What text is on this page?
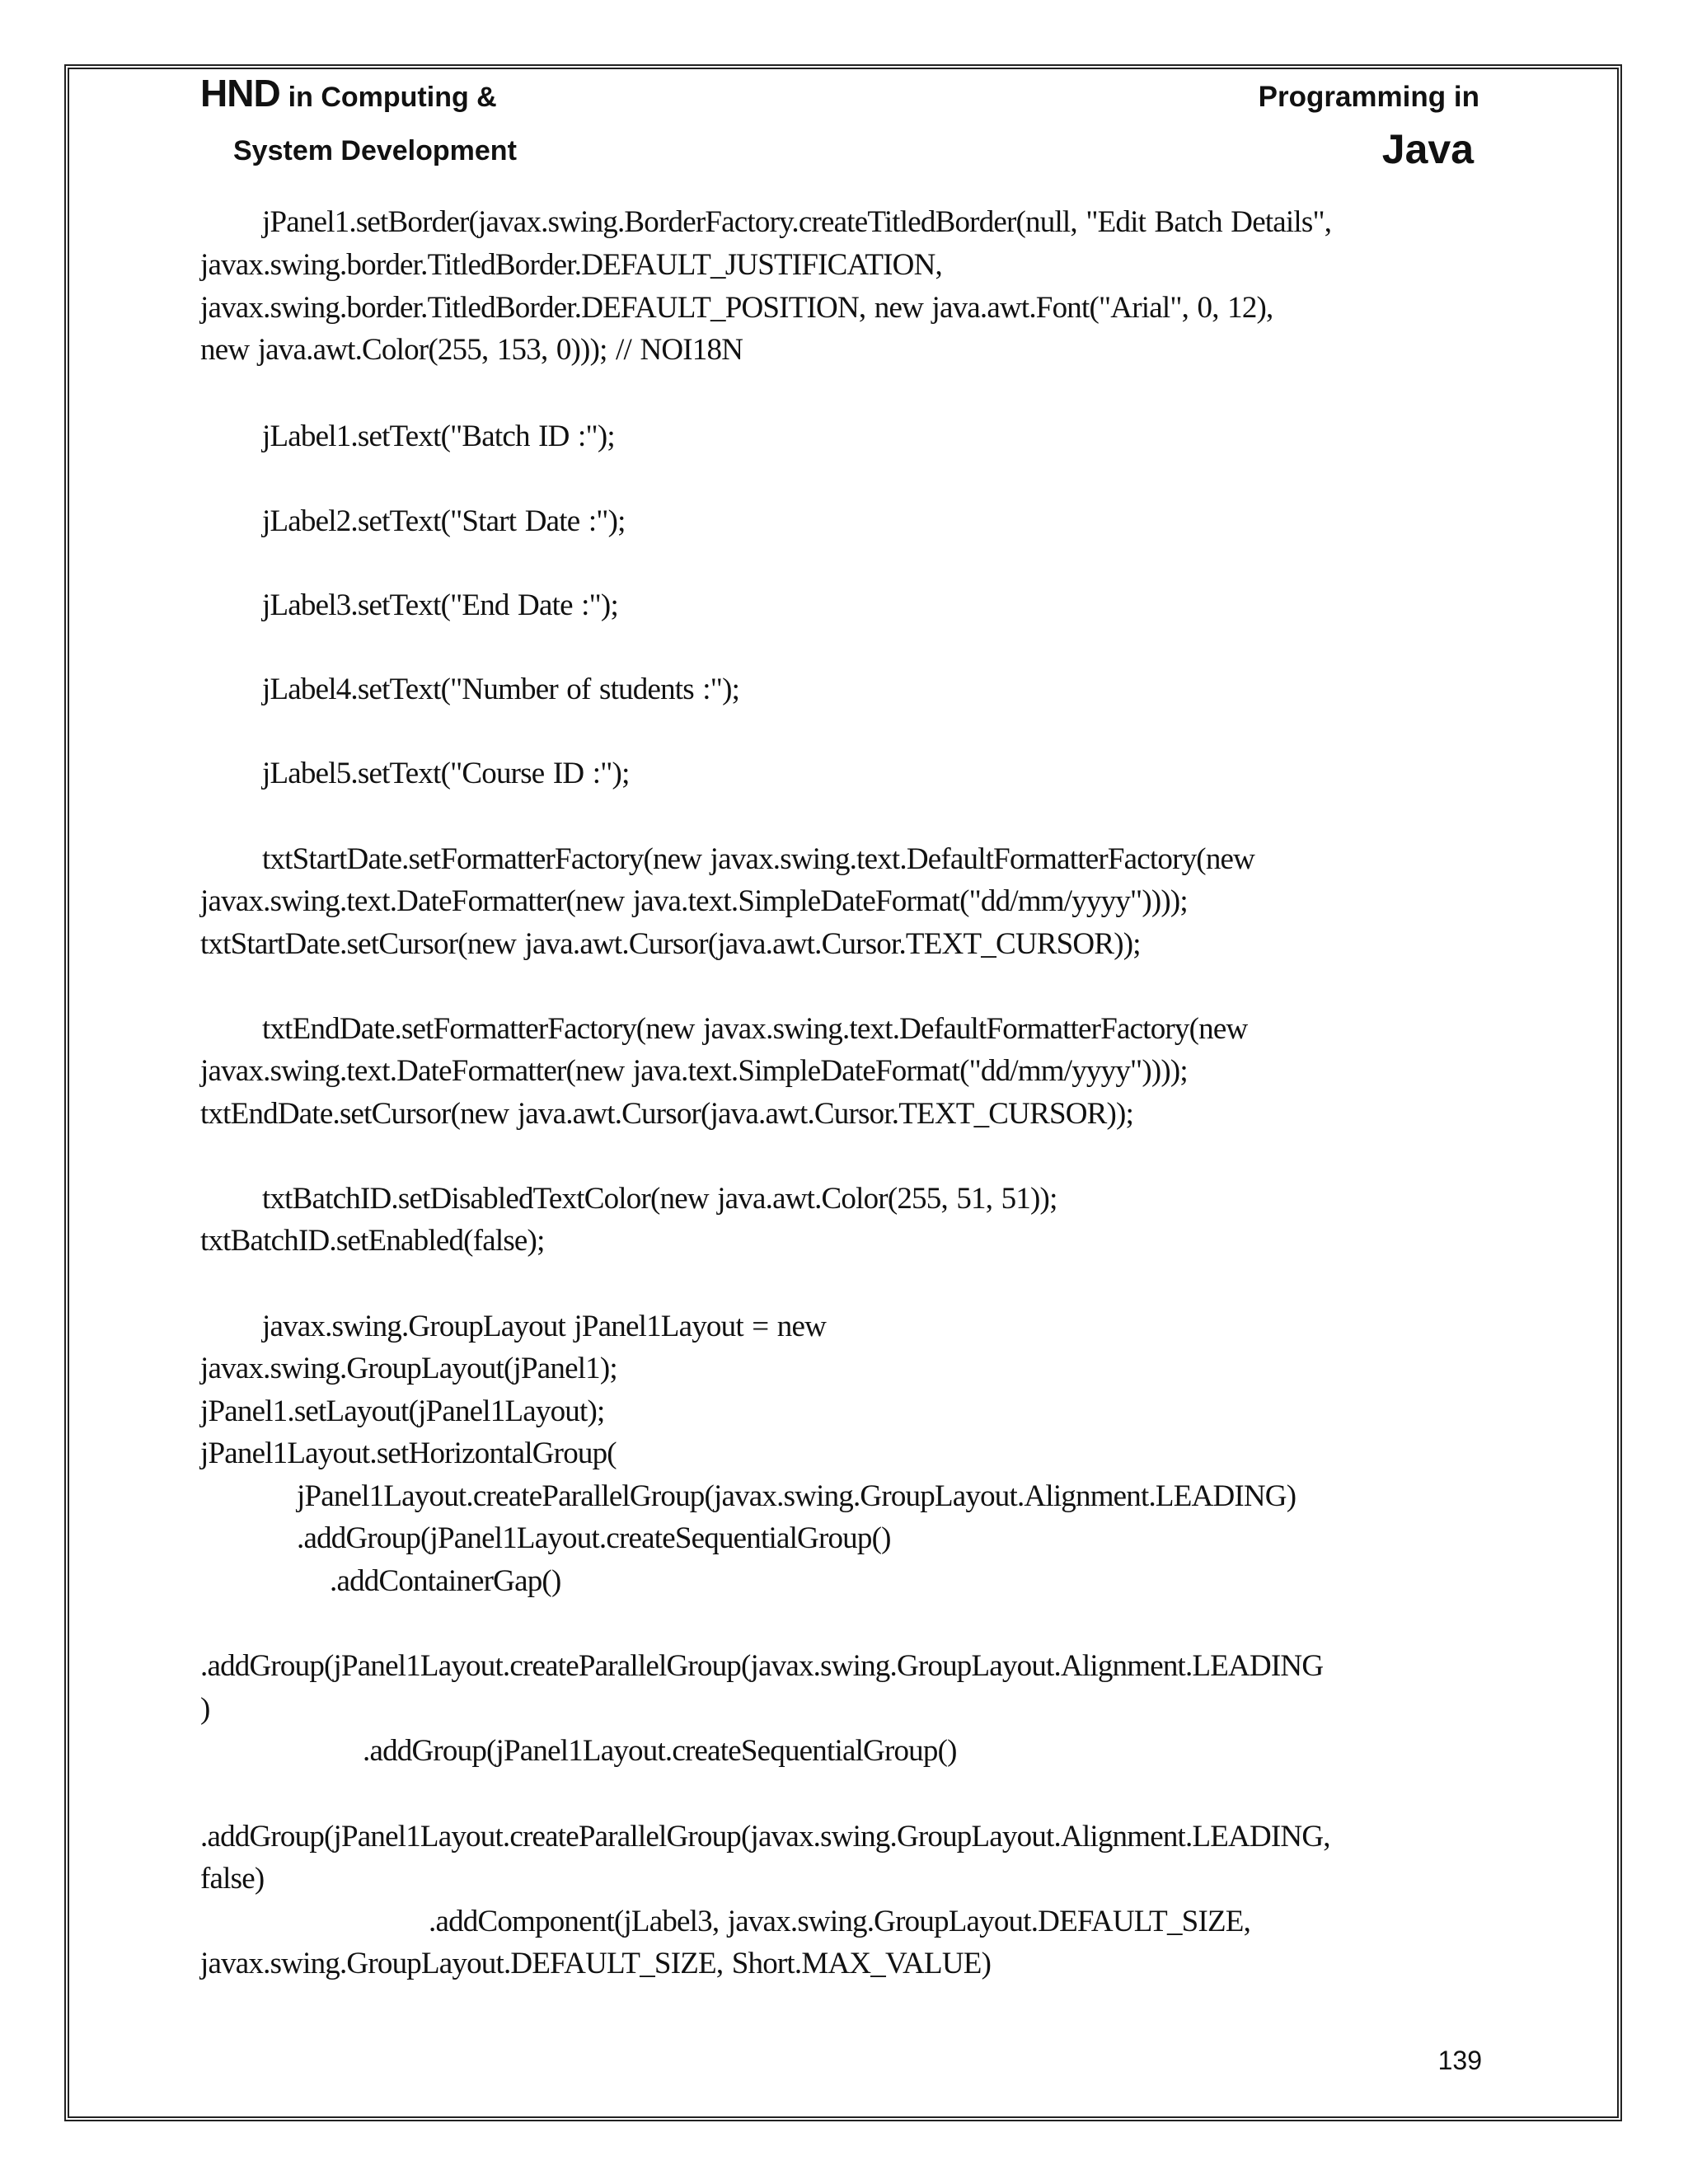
HND in Computing &
System Development
Programming in
Java
jPanel1.setBorder(javax.swing.BorderFactory.createTitledBorder(null, "Edit Batch Details",
javax.swing.border.TitledBorder.DEFAULT_JUSTIFICATION,
javax.swing.border.TitledBorder.DEFAULT_POSITION, new java.awt.Font("Arial", 0, 12),
new java.awt.Color(255, 153, 0))); // NOI18N
jLabel1.setText("Batch ID :");
jLabel2.setText("Start Date :");
jLabel3.setText("End Date :");
jLabel4.setText("Number of students :");
jLabel5.setText("Course ID :");
txtStartDate.setFormatterFactory(new javax.swing.text.DefaultFormatterFactory(new
javax.swing.text.DateFormatter(new java.text.SimpleDateFormat("dd/mm/yyyy"))));
txtStartDate.setCursor(new java.awt.Cursor(java.awt.Cursor.TEXT_CURSOR));
txtEndDate.setFormatterFactory(new javax.swing.text.DefaultFormatterFactory(new
javax.swing.text.DateFormatter(new java.text.SimpleDateFormat("dd/mm/yyyy"))));
txtEndDate.setCursor(new java.awt.Cursor(java.awt.Cursor.TEXT_CURSOR));
txtBatchID.setDisabledTextColor(new java.awt.Color(255, 51, 51));
txtBatchID.setEnabled(false);
javax.swing.GroupLayout jPanel1Layout = new
javax.swing.GroupLayout(jPanel1);
jPanel1.setLayout(jPanel1Layout);
jPanel1Layout.setHorizontalGroup(
jPanel1Layout.createParallelGroup(javax.swing.GroupLayout.Alignment.LEADING)
.addGroup(jPanel1Layout.createSequentialGroup()
.addContainerGap()
.addGroup(jPanel1Layout.createParallelGroup(javax.swing.GroupLayout.Alignment.LEADING
)
.addGroup(jPanel1Layout.createSequentialGroup()
.addGroup(jPanel1Layout.createParallelGroup(javax.swing.GroupLayout.Alignment.LEADING,
false)
.addComponent(jLabel3, javax.swing.GroupLayout.DEFAULT_SIZE,
javax.swing.GroupLayout.DEFAULT_SIZE, Short.MAX_VALUE)
139
